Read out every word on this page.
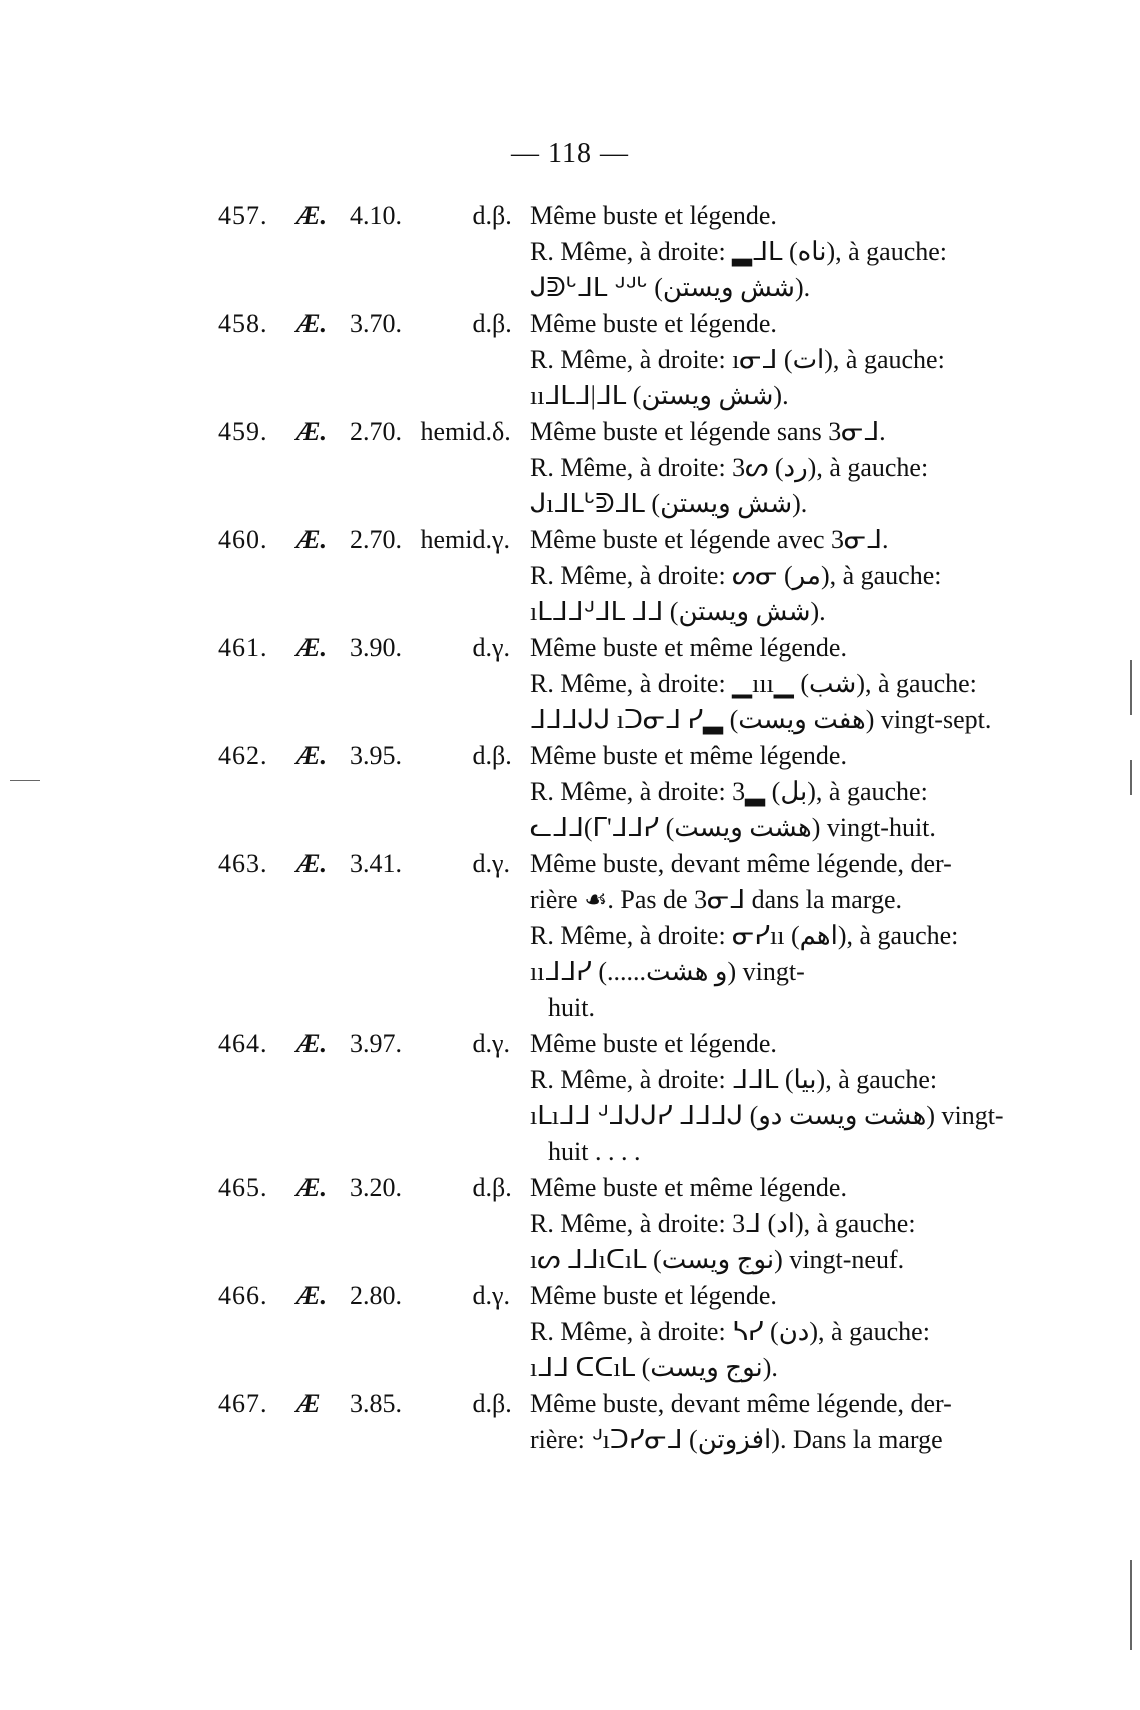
— 118 —
457. Æ. 4.10.	d. β. Même buste et légende.
R. Même, à droite: ▂ᒧᒪ (ناه), à gauche:
ᒍᕲᒡᒧᒪ ᒢᒢᒡ (شش ويستن).
458. Æ. 3.70.	d. β. Même buste et légende.
R. Même, à droite: ıᓂᒧ (ات), à gauche:
ııᒧᒪᒧ|ᒧᒪ (شش ويستن).
459. Æ. 2.70. hemid. δ. Même buste et légende sans 3ᓂᒧ.
R. Même, à droite: 3ᔕ (رد), à gauche:
ᒍıᒧᒪᒡᕲᒧᒪ (شش ويستن).
460. Æ. 2.70. hemid. γ. Même buste et légende avec 3ᓂᒧ.
R. Même, à droite: ᔕᓂ (مر), à gauche:
ıᒪᒧᒧᒢᒧᒪ ᒧᒧ (شش ويستن).
461. Æ. 3.90.	d. γ. Même buste et même légende.
R. Même, à droite: ▁ııı▁ (شب), à gauche:
ᒧᒧᒧᒍᒍ ıᑐᓂᒧ ᓯ▂ (هفت ويست) vingt-sept.
462. Æ. 3.95.	d. β. Même buste et même légende.
R. Même, à droite: 3▂ (بل), à gauche:
ᓚᒧᒧ(ᒥ'ᒧᒧᓯ (هشت ويست) vingt-huit.
463. Æ. 3.41.	d. γ. Même buste, devant même légende, der-
rière ☙. Pas de 3ᓂᒧ dans la marge.
R. Même, à droite: ᓂᓯıı (اهم), à gauche:
ııᒧᒧᓯ (......و هشت) vingt-
huit.
464. Æ. 3.97.	d. γ. Même buste et légende.
R. Même, à droite: ᒧᒧᒪ (بيا), à gauche:
ıᒪıᒧᒧ ᒢᒧᒍᒍᓯ ᒧᒧᒧᒍ (هشت ويست دو) vingt-
huit . . . .
465. Æ. 3.20.	d. β. Même buste et même légende.
R. Même, à droite: 3ᒧ (اد), à gauche:
ıᔕ ᒧᒧıᑕıᒪ (نوج ويست) vingt-neuf.
466. Æ. 2.80.	d. γ. Même buste et légende.
R. Même, à droite: ᓴᓯ (دن), à gauche:
ıᒧᒧ ᑕᑕıᒪ (نوج ويست).
467. Æ 3.85.	d. β. Même buste, devant même légende, der-
rière: ᒢıᑐᓯᓂᒧ (افزوتن). Dans la marge
